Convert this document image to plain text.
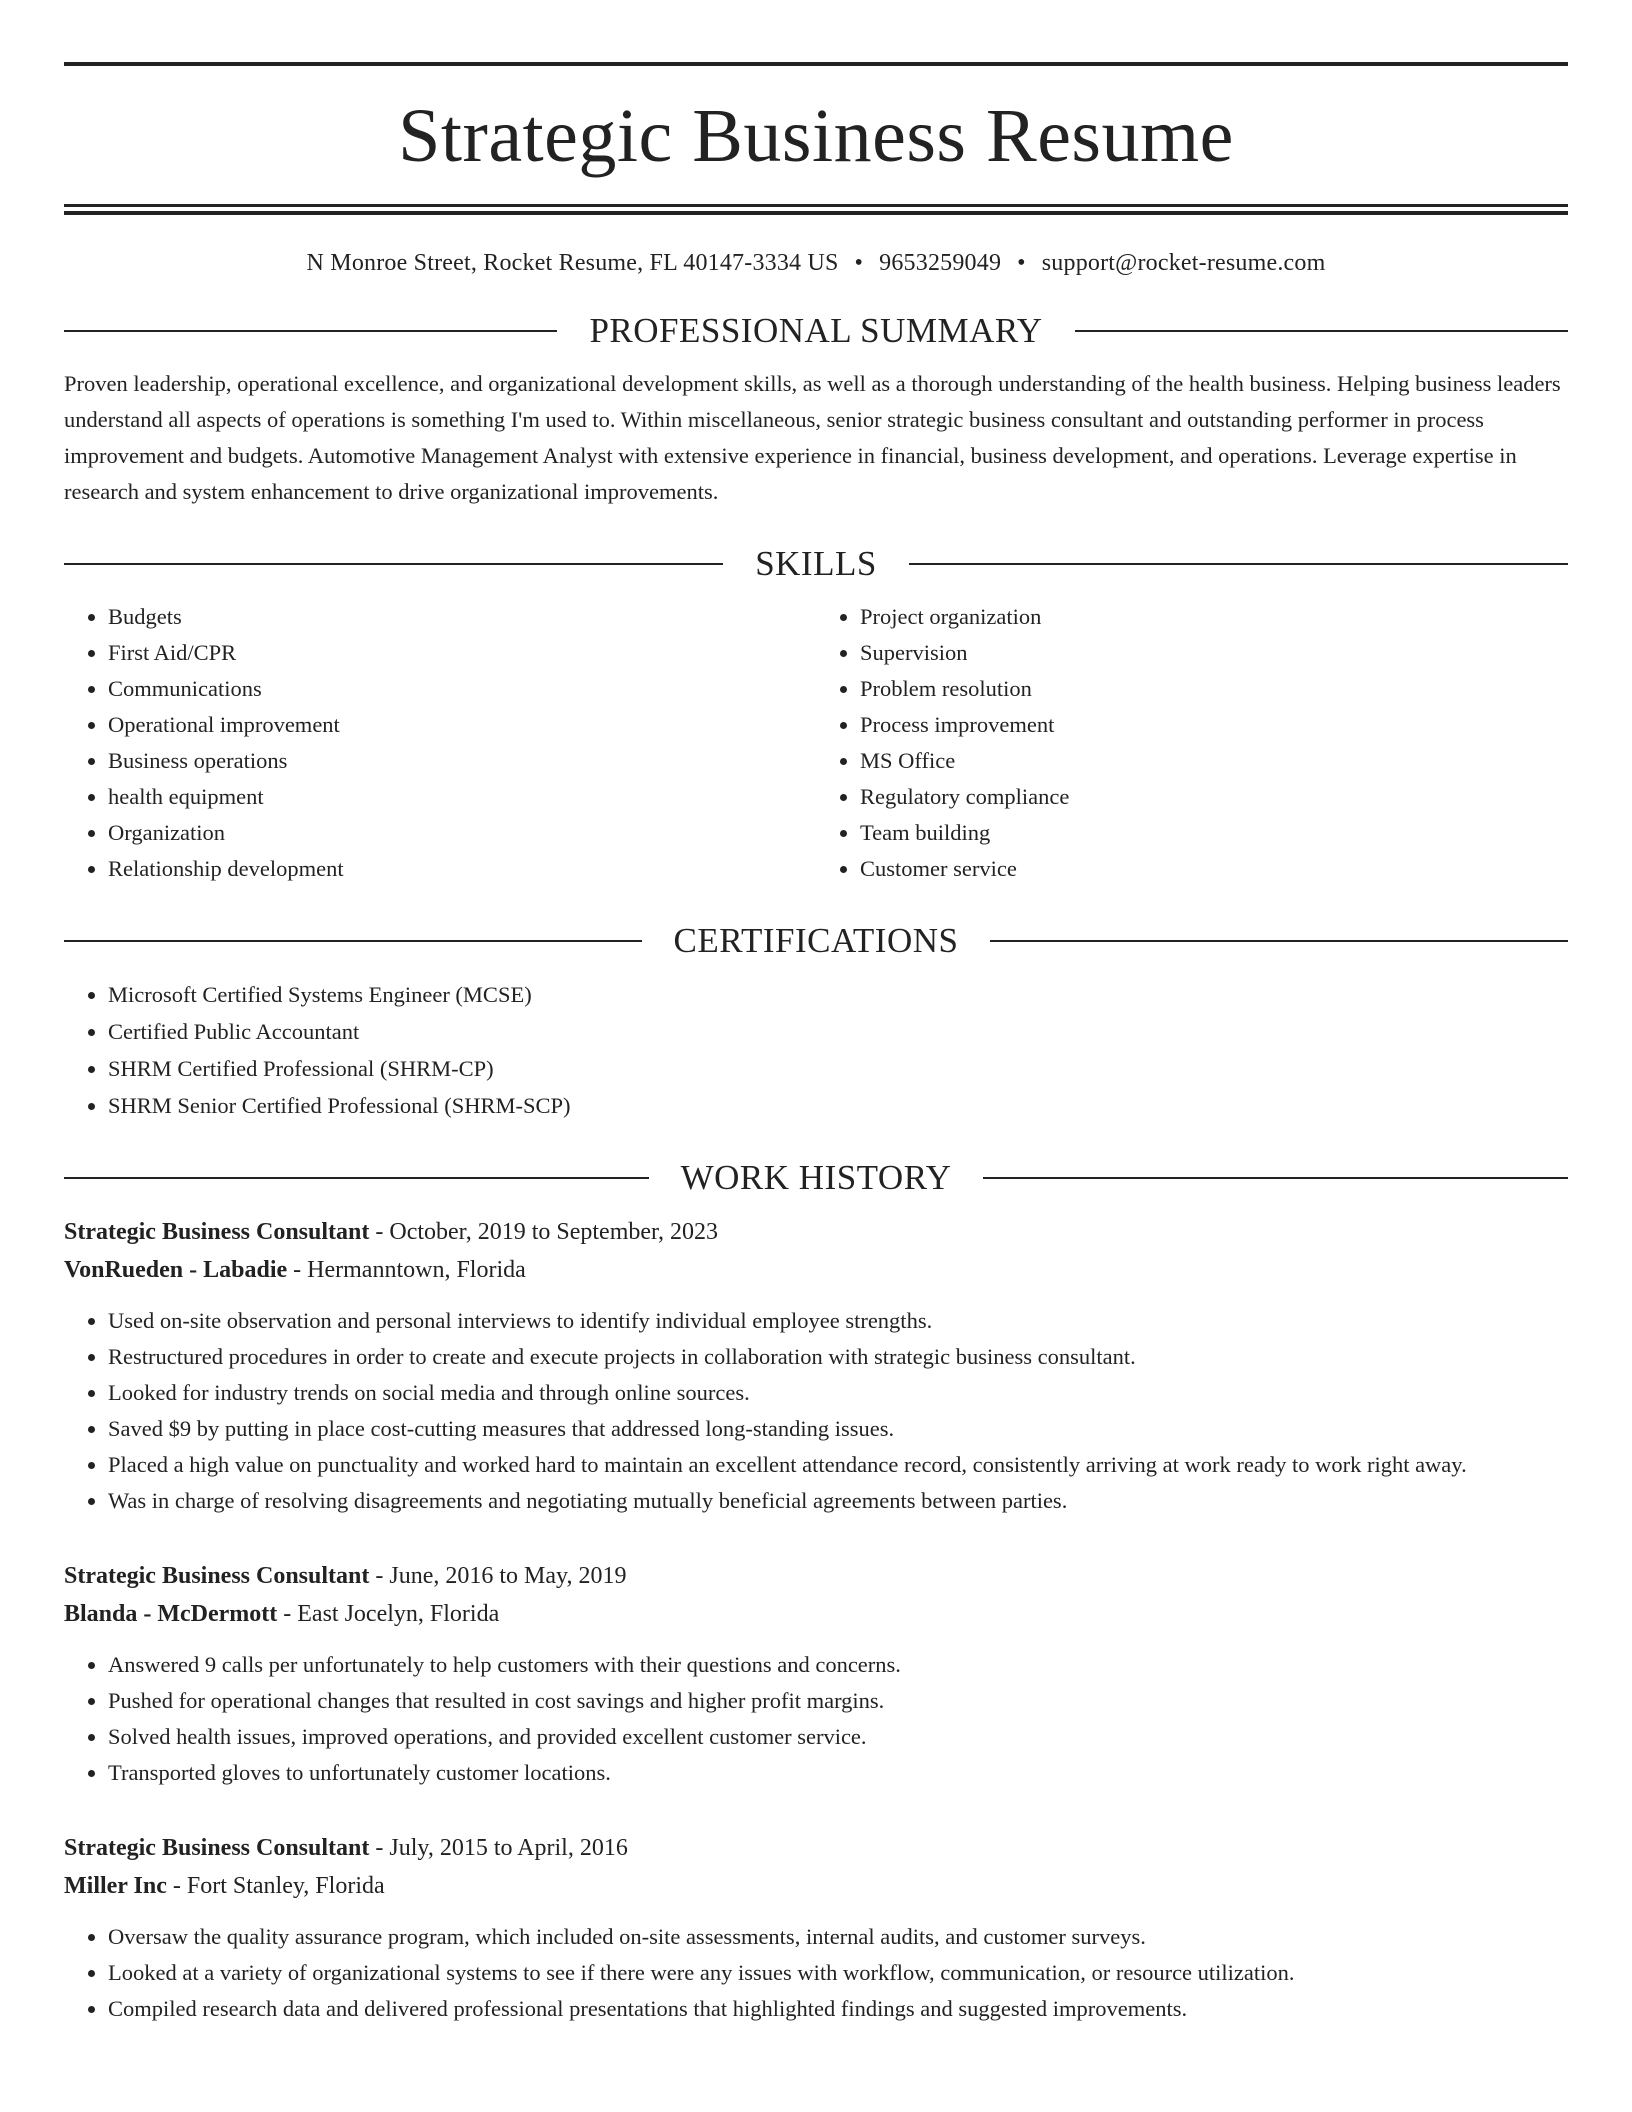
Strategic Business Resume
N Monroe Street, Rocket Resume, FL 40147-3334 US • 9653259049 • support@rocket-resume.com
PROFESSIONAL SUMMARY

Proven leadership, operational excellence, and organizational development skills, as well as a thorough understanding of the health business. Helping business leaders understand all aspects of operations is something I'm used to. Within miscellaneous, senior strategic business consultant and outstanding performer in process improvement and budgets. Automotive Management Analyst with extensive experience in financial, business development, and operations. Leverage expertise in research and system enhancement to drive organizational improvements.

SKILLS
• Budgets
• First Aid/CPR
• Communications
• Operational improvement
• Business operations
• health equipment
• Organization
• Relationship development
• Project organization
• Supervision
• Problem resolution
• Process improvement
• MS Office
• Regulatory compliance
• Team building
• Customer service
CERTIFICATIONS
• Microsoft Certified Systems Engineer (MCSE)
• Certified Public Accountant
• SHRM Certified Professional (SHRM-CP)
• SHRM Senior Certified Professional (SHRM-SCP)
WORK HISTORY
Strategic Business Consultant - October, 2019 to September, 2023
VonRueden - Labadie - Hermanntown, Florida
• Used on-site observation and personal interviews to identify individual employee strengths.
• Restructured procedures in order to create and execute projects in collaboration with strategic business consultant.
• Looked for industry trends on social media and through online sources.
• Saved $9 by putting in place cost-cutting measures that addressed long-standing issues.
• Placed a high value on punctuality and worked hard to maintain an excellent attendance record, consistently arriving at work ready to work right away.
• Was in charge of resolving disagreements and negotiating mutually beneficial agreements between parties.
Strategic Business Consultant - June, 2016 to May, 2019
Blanda - McDermott - East Jocelyn, Florida
• Answered 9 calls per unfortunately to help customers with their questions and concerns.
• Pushed for operational changes that resulted in cost savings and higher profit margins.
• Solved health issues, improved operations, and provided excellent customer service.
• Transported gloves to unfortunately customer locations.
Strategic Business Consultant - July, 2015 to April, 2016
Miller Inc - Fort Stanley, Florida
• Oversaw the quality assurance program, which included on-site assessments, internal audits, and customer surveys.
• Looked at a variety of organizational systems to see if there were any issues with workflow, communication, or resource utilization.
• Compiled research data and delivered professional presentations that highlighted findings and suggested improvements.
